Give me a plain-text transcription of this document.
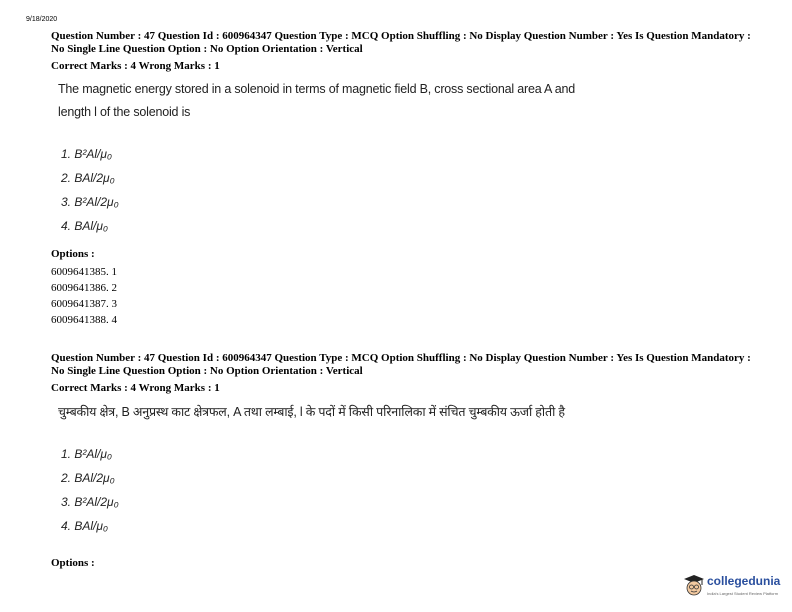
9/18/2020
Question Number : 47 Question Id : 600964347 Question Type : MCQ Option Shuffling : No Display Question Number : Yes Is Question Mandatory : No Single Line Question Option : No Option Orientation : Vertical
Correct Marks : 4 Wrong Marks : 1
The magnetic energy stored in a solenoid in terms of magnetic field B, cross sectional area A and
length l of the solenoid is
1. B²Al/μ₀
2. BAl/2μ₀
3. B²Al/2μ₀
4. BAl/μ₀
Options :
6009641385. 1
6009641386. 2
6009641387. 3
6009641388. 4
Question Number : 47 Question Id : 600964347 Question Type : MCQ Option Shuffling : No Display Question Number : Yes Is Question Mandatory : No Single Line Question Option : No Option Orientation : Vertical
Correct Marks : 4 Wrong Marks : 1
चुम्बकीय क्षेत्र, B अनुप्रस्थ काट क्षेत्रफल, A तथा लम्बाई, l के पदों में किसी परिनालिका में संचित चुम्बकीय ऊर्जा होती है
1. B²Al/μ₀
2. BAl/2μ₀
3. B²Al/2μ₀
4. BAl/μ₀
Options :
collegedunia
India's Largest Student Review Platform
